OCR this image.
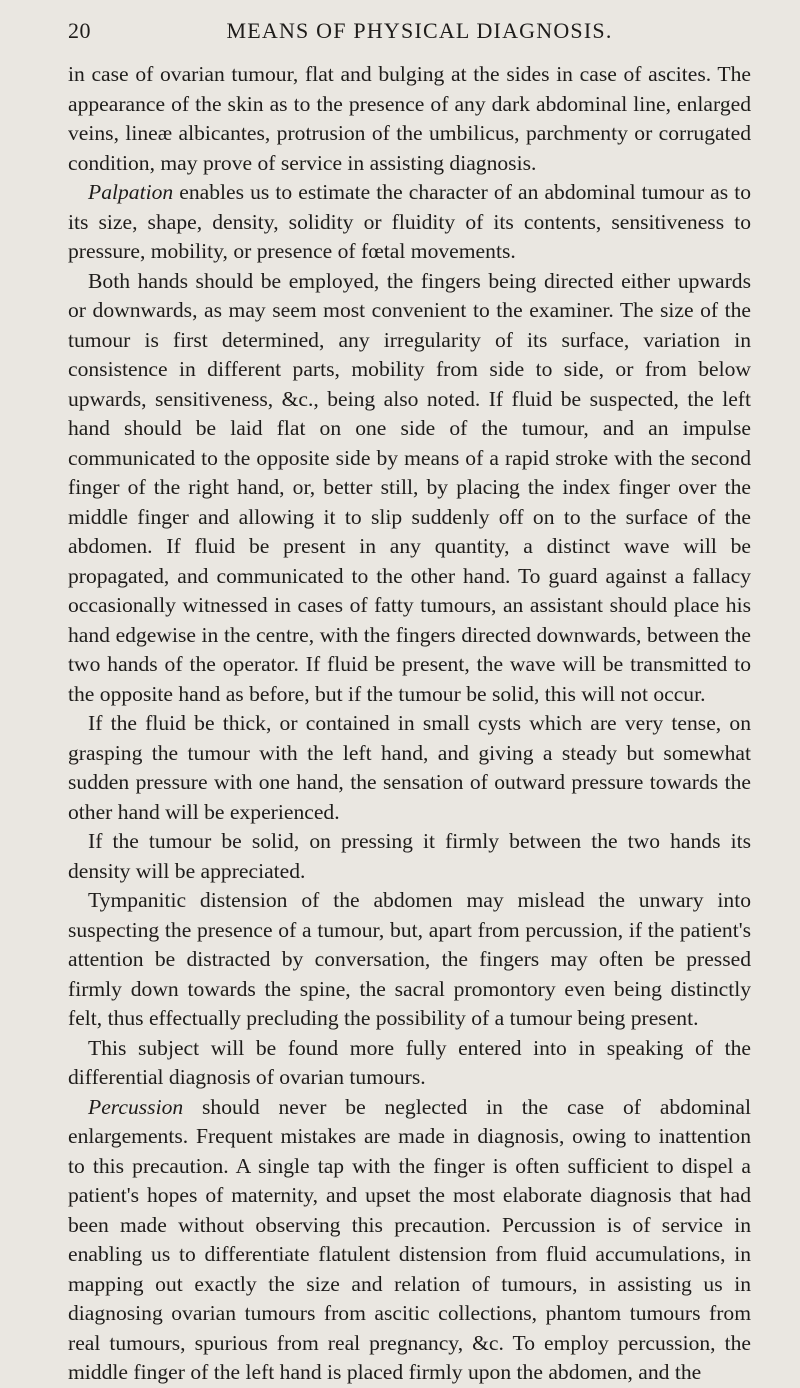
20	MEANS OF PHYSICAL DIAGNOSIS.

in case of ovarian tumour, flat and bulging at the sides in case of ascites. The appearance of the skin as to the presence of any dark abdominal line, enlarged veins, lineæ albicantes, protrusion of the umbilicus, parchmenty or corrugated condition, may prove of service in assisting diagnosis.

Palpation enables us to estimate the character of an abdominal tumour as to its size, shape, density, solidity or fluidity of its contents, sensitiveness to pressure, mobility, or presence of fœtal movements.

Both hands should be employed, the fingers being directed either upwards or downwards, as may seem most convenient to the examiner. The size of the tumour is first determined, any irregularity of its surface, variation in consistence in different parts, mobility from side to side, or from below upwards, sensitiveness, &c., being also noted. If fluid be suspected, the left hand should be laid flat on one side of the tumour, and an impulse communicated to the opposite side by means of a rapid stroke with the second finger of the right hand, or, better still, by placing the index finger over the middle finger and allowing it to slip suddenly off on to the surface of the abdomen. If fluid be present in any quantity, a distinct wave will be propagated, and communicated to the other hand. To guard against a fallacy occasionally witnessed in cases of fatty tumours, an assistant should place his hand edgewise in the centre, with the fingers directed downwards, between the two hands of the operator. If fluid be present, the wave will be transmitted to the opposite hand as before, but if the tumour be solid, this will not occur.

If the fluid be thick, or contained in small cysts which are very tense, on grasping the tumour with the left hand, and giving a steady but somewhat sudden pressure with one hand, the sensation of outward pressure towards the other hand will be experienced.

If the tumour be solid, on pressing it firmly between the two hands its density will be appreciated.

Tympanitic distension of the abdomen may mislead the unwary into suspecting the presence of a tumour, but, apart from percussion, if the patient's attention be distracted by conversation, the fingers may often be pressed firmly down towards the spine, the sacral promontory even being distinctly felt, thus effectually precluding the possibility of a tumour being present.

This subject will be found more fully entered into in speaking of the differential diagnosis of ovarian tumours.

Percussion should never be neglected in the case of abdominal enlargements. Frequent mistakes are made in diagnosis, owing to inattention to this precaution. A single tap with the finger is often sufficient to dispel a patient's hopes of maternity, and upset the most elaborate diagnosis that had been made without observing this precaution. Percussion is of service in enabling us to differentiate flatulent distension from fluid accumulations, in mapping out exactly the size and relation of tumours, in assisting us in diagnosing ovarian tumours from ascitic collections, phantom tumours from real tumours, spurious from real pregnancy, &c. To employ percussion, the middle finger of the left hand is placed firmly upon the abdomen, and the
